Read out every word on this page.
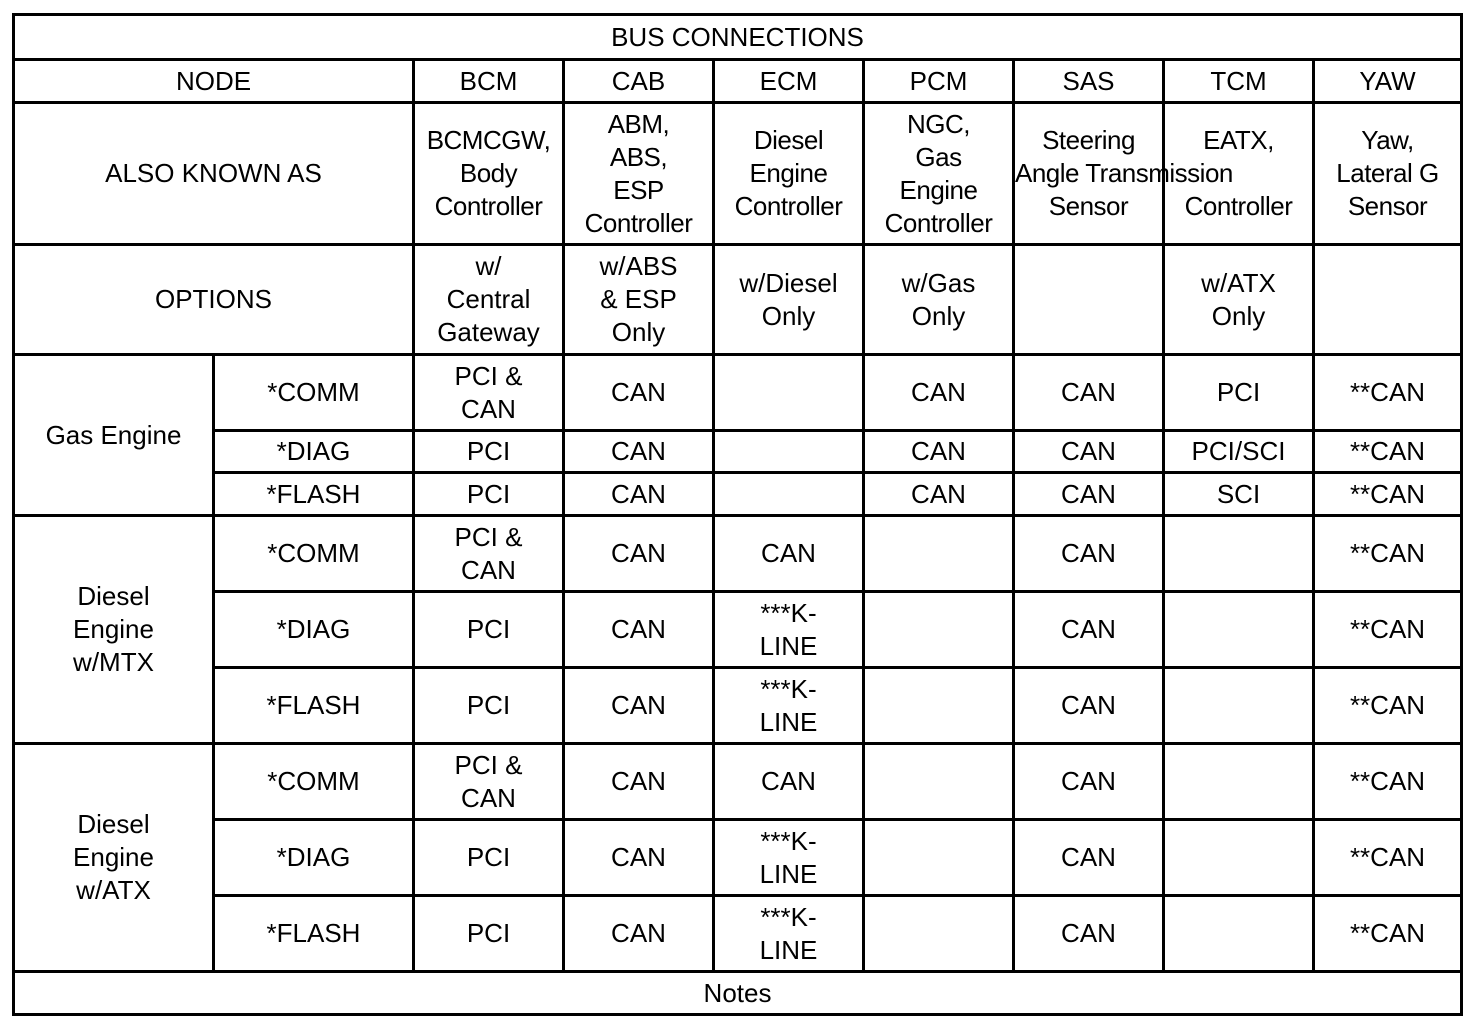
BUS CONNECTIONS								
NODE		BCM	CAB	ECM	PCM	SAS	TCM	YAW
ALSO KNOWN AS		BCMCGW,
Body
Controller	ABM,
ABS,
ESP
Controller	Diesel
Engine
Controller	NGC,
Gas
Engine
Controller	Steering
Angle Transmission
Sensor	EATX,

Controller	Yaw,
Lateral G
Sensor

OPTIONS		w/
Central
Gateway	w/ABS
& ESP
Only	w/Diesel
Only	w/Gas
Only		w/ATX
Only	

Gas Engine	*COMM	PCI &
CAN	CAN		CAN	CAN	PCI	**CAN

	*DIAG	PCI	CAN		CAN	CAN	PCI/SCI	**CAN

	*FLASH	PCI	CAN		CAN	CAN	SCI	**CAN

Diesel
Engine
w/MTX	*COMM	PCI &
CAN	CAN	CAN		CAN		**CAN

	*DIAG	PCI	CAN	***K-
LINE		CAN		**CAN

	*FLASH	PCI	CAN	***K-
LINE		CAN		**CAN

Diesel
Engine
w/ATX	*COMM	PCI &
CAN	CAN	CAN		CAN		**CAN

	*DIAG	PCI	CAN	***K-
LINE		CAN		**CAN

	*FLASH	PCI	CAN	***K-
LINE		CAN		**CAN

Notes								
